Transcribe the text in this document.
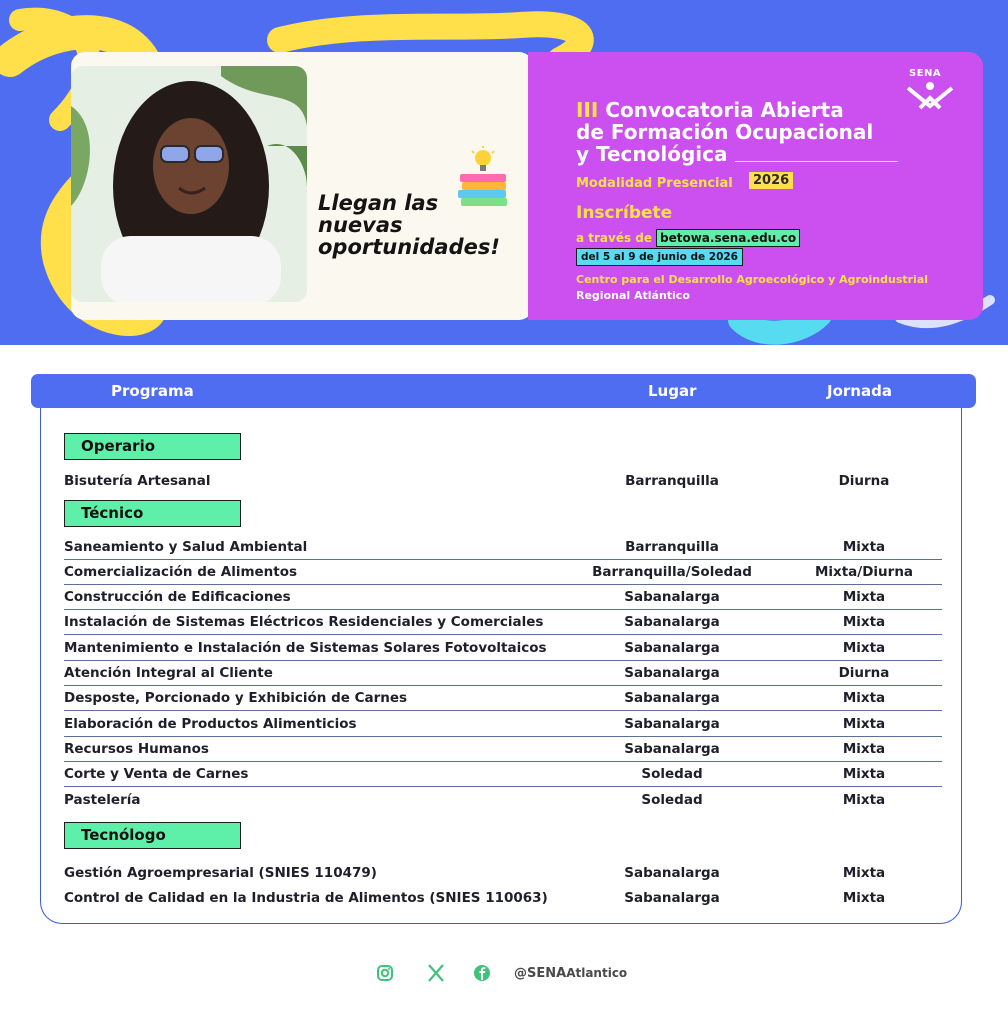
Llegan las
nuevas
oportunidades!
III Convocatoria Abierta
de Formación Ocupacional
y Tecnológica
Modalidad Presencial	2026
Inscríbete
a través de betowa.sena.edu.co
del 5 al 9 de junio de 2026
Centro para el Desarrollo Agroecológico y Agroindustrial
Regional Atlántico
SENA
Programa	Lugar	Jornada
Operario
Bisutería Artesanal	Barranquilla	Diurna
Técnico
Saneamiento y Salud Ambiental	Barranquilla	Mixta
Comercialización de Alimentos	Barranquilla/Soledad	Mixta/Diurna
Construcción de Edificaciones	Sabanalarga	Mixta
Instalación de Sistemas Eléctricos Residenciales y Comerciales	Sabanalarga	Mixta
Mantenimiento e Instalación de Sistemas Solares Fotovoltaicos	Sabanalarga	Mixta
Atención Integral al Cliente	Sabanalarga	Diurna
Desposte, Porcionado y Exhibición de Carnes	Sabanalarga	Mixta
Elaboración de Productos Alimenticios	Sabanalarga	Mixta
Recursos Humanos	Sabanalarga	Mixta
Corte y Venta de Carnes	Soledad	Mixta
Pastelería	Soledad	Mixta
Tecnólogo
Gestión Agroempresarial (SNIES 110479)	Sabanalarga	Mixta
Control de Calidad en la Industria de Alimentos (SNIES 110063)	Sabanalarga	Mixta
@SENAAtlantico
